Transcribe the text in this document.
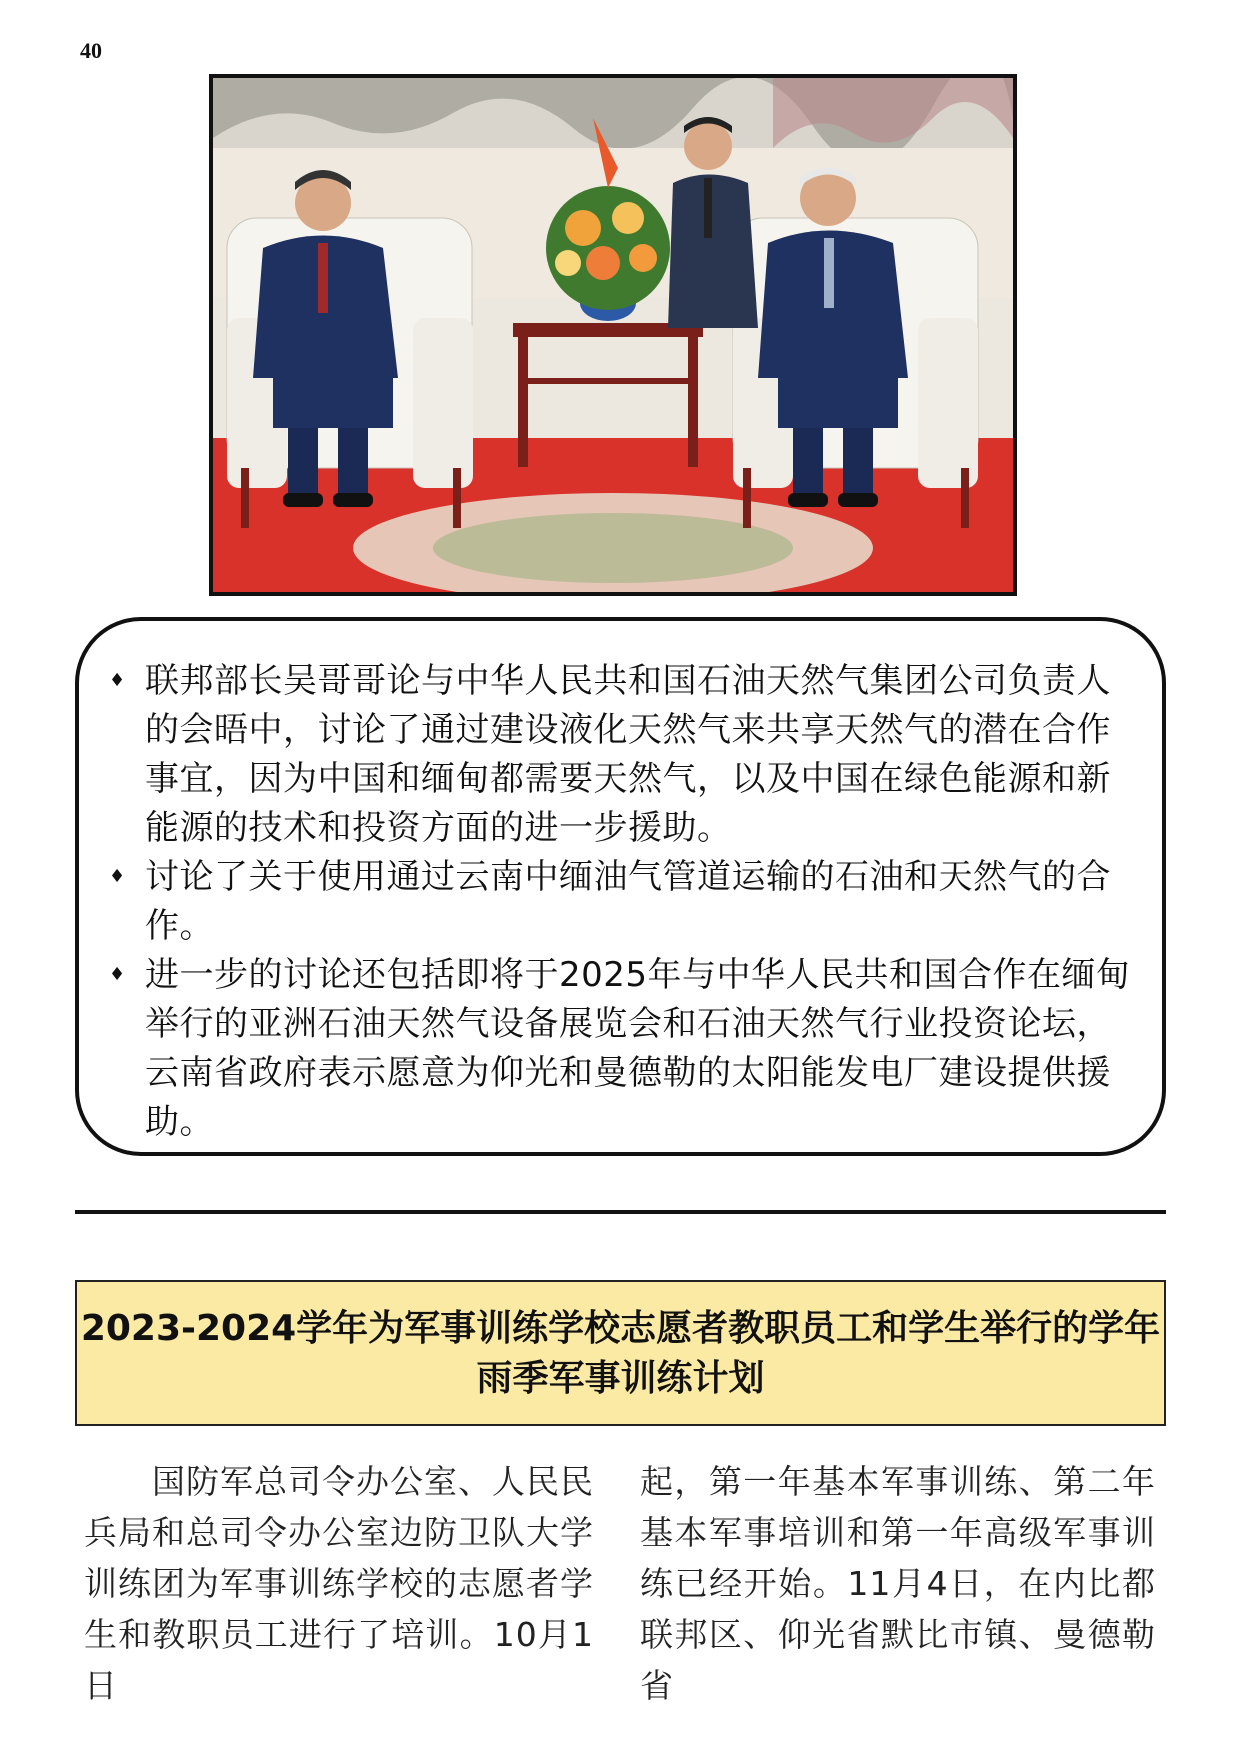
40
♦ 联邦部长吴哥哥论与中华人民共和国石油天然气集团公司负责人的会晤中，讨论了通过建设液化天然气来共享天然气的潜在合作事宜，因为中国和缅甸都需要天然气，以及中国在绿色能源和新能源的技术和投资方面的进一步援助。
♦ 讨论了关于使用通过云南中缅油气管道运输的石油和天然气的合作。
♦ 进一步的讨论还包括即将于2025年与中华人民共和国合作在缅甸举行的亚洲石油天然气设备展览会和石油天然气行业投资论坛，云南省政府表示愿意为仰光和曼德勒的太阳能发电厂建设提供援助。
2023-2024学年为军事训练学校志愿者教职员工和学生举行的学年
雨季军事训练计划
国防军总司令办公室、人民民兵局和总司令办公室边防卫队大学训练团为军事训练学校的志愿者学生和教职员工进行了培训。10月1日
起，第一年基本军事训练、第二年基本军事培训和第一年高级军事训练已经开始。11月4日，在内比都联邦区、仰光省默比市镇、曼德勒省
